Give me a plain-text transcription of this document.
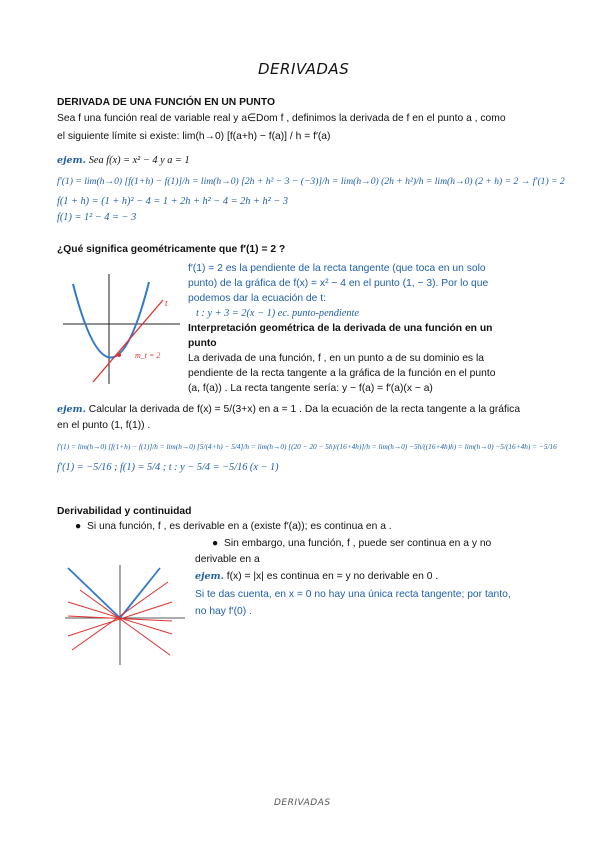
DERIVADAS
DERIVADA DE UNA FUNCIÓN EN UN PUNTO
Sea f una función real de variable real y a∈Dom f , definimos la derivada de f en el punto a , como
el siguiente límite si existe: lim(h→0) [f(a+h) − f(a)] / h = f′(a)
ejem. Sea f(x) = x² − 4 y a = 1
f′(1) = lim(h→0) [f(1+h) − f(1)]/h = lim(h→0) [2h + h² − 3 − (−3)]/h = lim(h→0) (2h + h²)/h = lim(h→0) (2 + h) = 2 → f′(1) = 2
f(1 + h) = (1 + h)² − 4 = 1 + 2h + h² − 4 = 2h + h² − 3
f(1) = 1² − 4 = − 3
¿Qué significa geométricamente que f′(1) = 2 ?
t
m_t = 2
f′(1) = 2 es la pendiente de la recta tangente (que toca en un solo
punto) de la gráfica de f(x) = x² − 4 en el punto (1, − 3). Por lo que
podemos dar la ecuación de t:
t : y + 3 = 2(x − 1) ec. punto-pendiente
Interpretación geométrica de la derivada de una función en un
punto
La derivada de una función, f , en un punto a de su dominio es la
pendiente de la recta tangente a la gráfica de la función en el punto
(a, f(a)) . La recta tangente sería: y − f(a) = f′(a)(x − a)
ejem. Calcular la derivada de f(x) = 5/(3+x) en a = 1 . Da la ecuación de la recta tangente a la gráfica
en el punto (1, f(1)) .
f′(1) = lim(h→0) [f(1+h) − f(1)]/h = lim(h→0) [5/(4+h) − 5/4]/h = lim(h→0) [(20 − 20 − 5h)/(16+4h)]/h = lim(h→0) −5h/((16+4h)h) = lim(h→0) −5/(16+4h) = −5/16
f′(1) = −5/16 ; f(1) = 5/4 ; t : y − 5/4 = −5/16 (x − 1)
Derivabilidad y continuidad
●  Si una función, f , es derivable en a (existe f′(a)); es continua en a .
●  Sin embargo, una función, f , puede ser continua en a y no
derivable en a
ejem. f(x) = |x| es continua en = y no derivable en 0 .
Si te das cuenta, en x = 0 no hay una única recta tangente; por tanto,
no hay f′(0) .
DERIVADAS
